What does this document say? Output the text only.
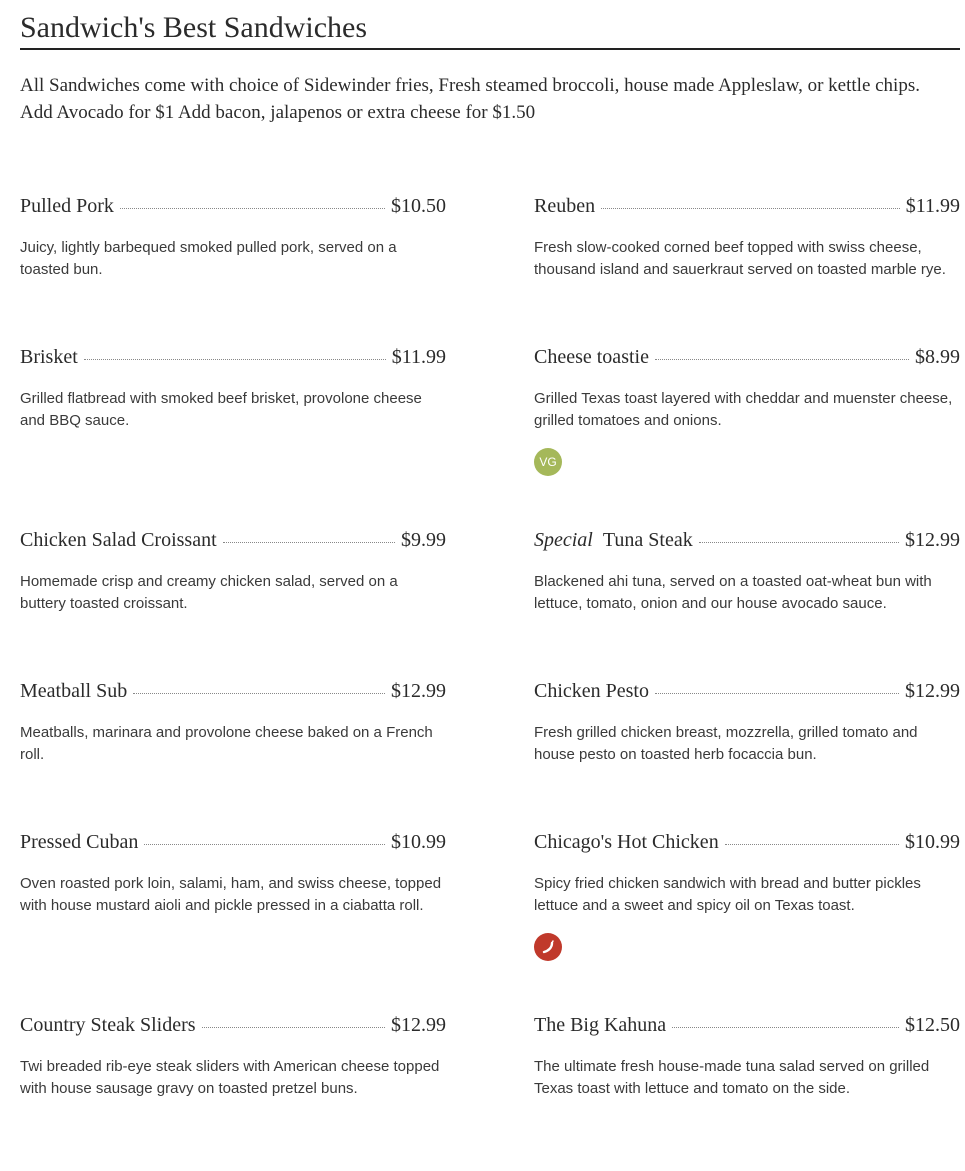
Sandwich's Best Sandwiches

All Sandwiches come with choice of Sidewinder fries, Fresh steamed broccoli, house made Appleslaw, or kettle chips.

Add Avocado for $1 Add bacon, jalapenos or extra cheese for $1.50

Pulled Pork	$10.50
Juicy, lightly barbequed smoked pulled pork, served on a toasted bun.
Reuben	$11.99
Fresh slow-cooked corned beef topped with swiss cheese, thousand island and sauerkraut served on toasted marble rye.
Brisket	$11.99
Grilled flatbread with smoked beef brisket, provolone cheese and BBQ sauce.
Cheese toastie	$8.99
Grilled Texas toast layered with cheddar and muenster cheese, grilled tomatoes and onions.
VG
Chicken Salad Croissant	$9.99
Homemade crisp and creamy chicken salad, served on a buttery toasted croissant.
Special Tuna Steak	$12.99
Blackened ahi tuna, served on a toasted oat-wheat bun with lettuce, tomato, onion and our house avocado sauce.
Meatball Sub	$12.99
Meatballs, marinara and provolone cheese baked on a French roll.
Chicken Pesto	$12.99
Fresh grilled chicken breast, mozzrella, grilled tomato and house pesto on toasted herb focaccia bun.
Pressed Cuban	$10.99
Oven roasted pork loin, salami, ham, and swiss cheese, topped with house mustard aioli and pickle pressed in a ciabatta roll.
Chicago's Hot Chicken	$10.99
Spicy fried chicken sandwich with bread and butter pickles lettuce and a sweet and spicy oil on Texas toast.
Country Steak Sliders	$12.99
Twi breaded rib-eye steak sliders with American cheese topped with house sausage gravy on toasted pretzel buns.
The Big Kahuna	$12.50
The ultimate fresh house-made tuna salad served on grilled Texas toast with lettuce and tomato on the side.
